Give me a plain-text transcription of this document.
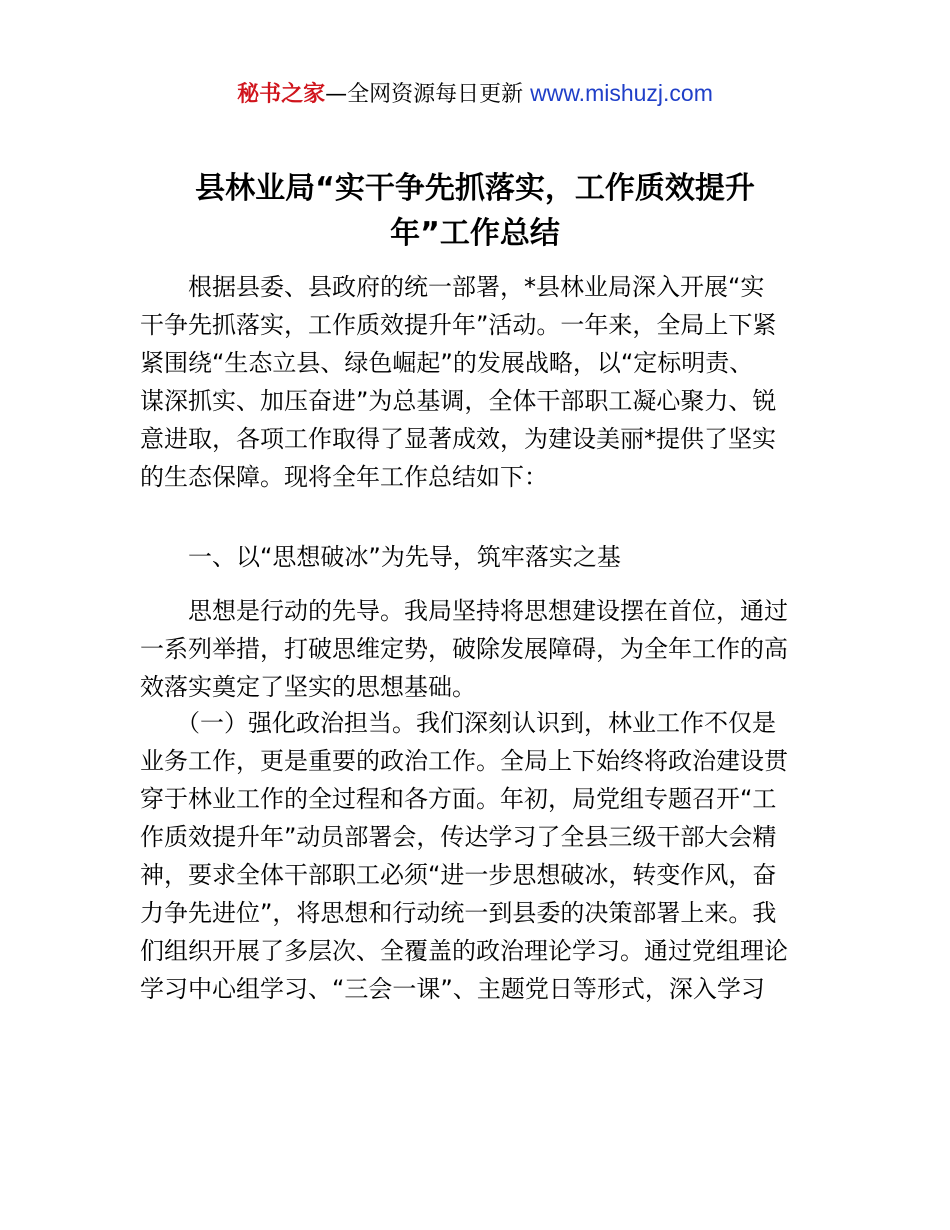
秘书之家—全网资源每日更新 www.mishuzj.com
县林业局“实干争先抓落实，工作质效提升
年”工作总结

　　根据县委、县政府的统一部署，*县林业局深入开展“实
干争先抓落实，工作质效提升年”活动。一年来，全局上下紧
紧围绕“生态立县、绿色崛起”的发展战略，以“定标明责、
谋深抓实、加压奋进”为总基调，全体干部职工凝心聚力、锐
意进取，各项工作取得了显著成效，为建设美丽*提供了坚实
的生态保障。现将全年工作总结如下：

　　一、以“思想破冰”为先导，筑牢落实之基

　　思想是行动的先导。我局坚持将思想建设摆在首位，通过
一系列举措，打破思维定势，破除发展障碍，为全年工作的高
效落实奠定了坚实的思想基础。

　　（一）强化政治担当。我们深刻认识到，林业工作不仅是
业务工作，更是重要的政治工作。全局上下始终将政治建设贯
穿于林业工作的全过程和各方面。年初，局党组专题召开“工
作质效提升年”动员部署会，传达学习了全县三级干部大会精
神，要求全体干部职工必须“进一步思想破冰，转变作风，奋
力争先进位”，将思想和行动统一到县委的决策部署上来。我
们组织开展了多层次、全覆盖的政治理论学习。通过党组理论
学习中心组学习、“三会一课”、主题党日等形式，深入学习
